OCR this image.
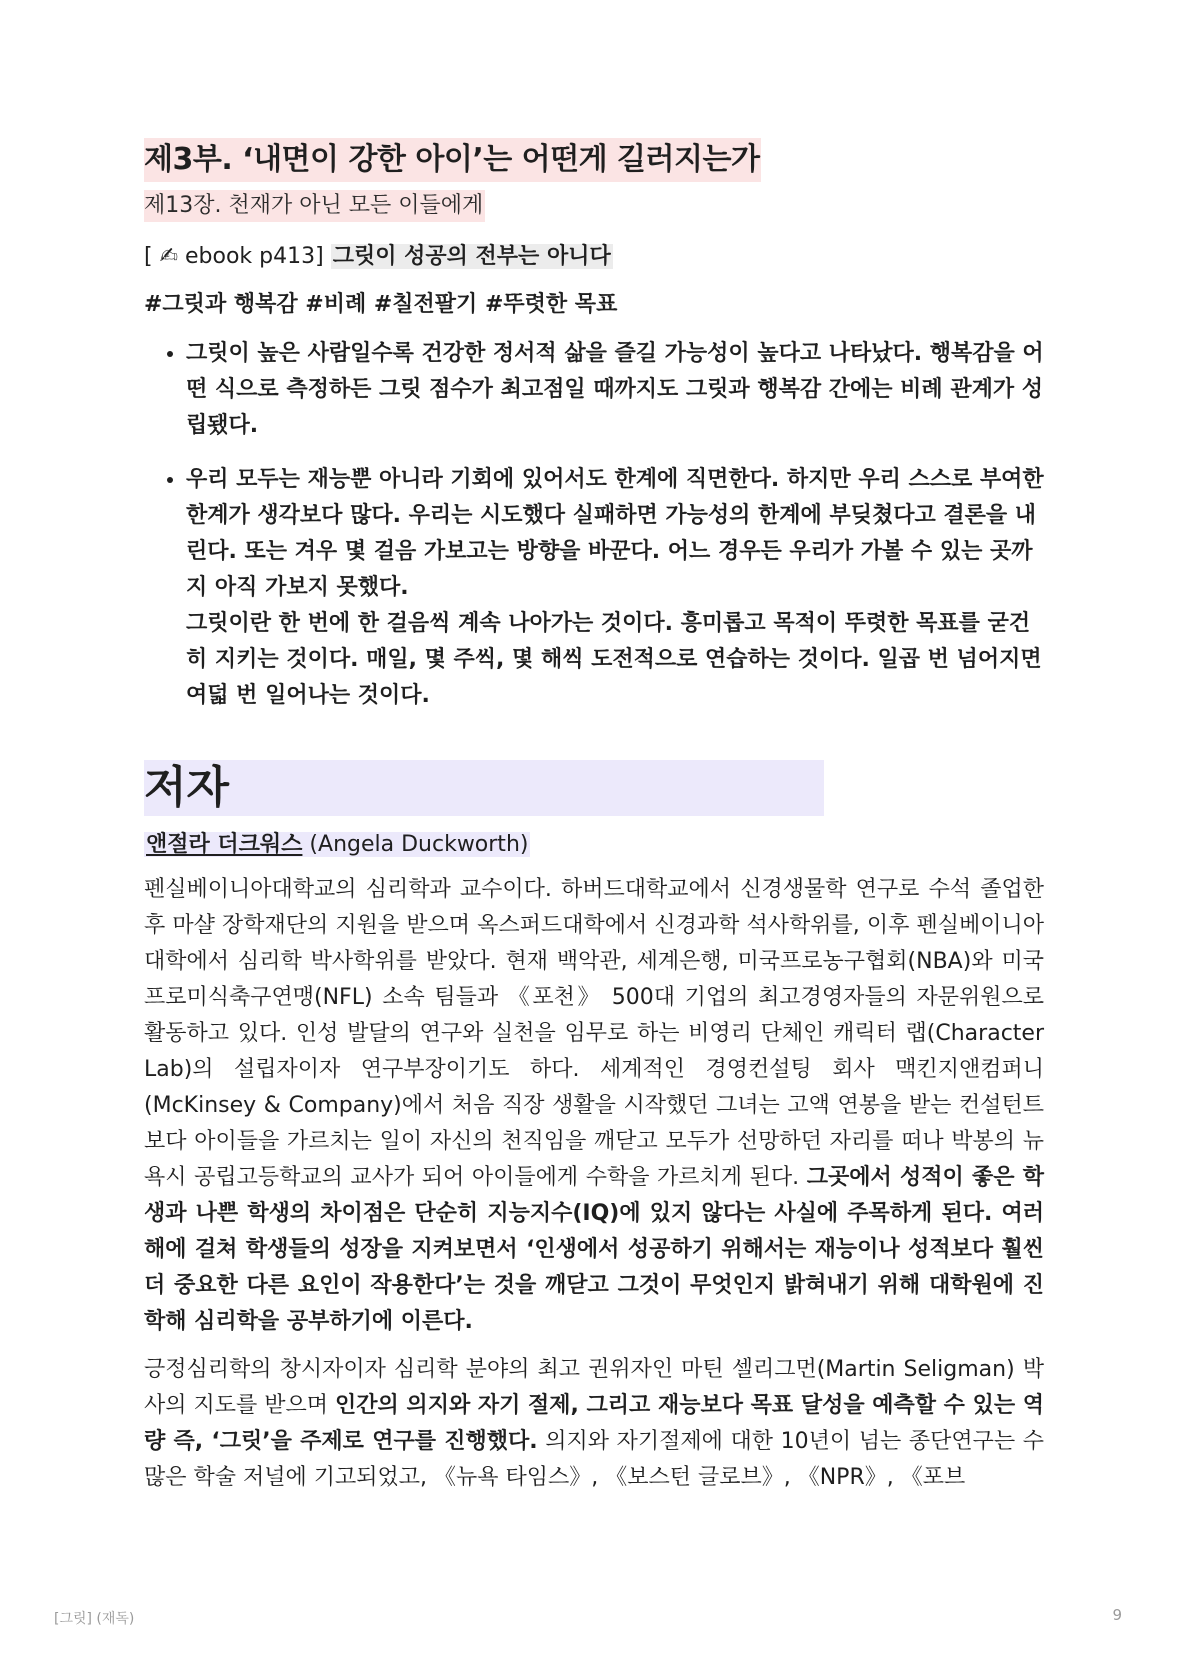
제3부. ‘내면이 강한 아이’는 어떤게 길러지는가
제13장. 천재가 아닌 모든 이들에게
[ ✍ ebook p413] 그릿이 성공의 전부는 아니다
#그릿과 행복감 #비례 #칠전팔기 #뚜렷한 목표
• 그릿이 높은 사람일수록 건강한 정서적 삶을 즐길 가능성이 높다고 나타났다. 행복감을 어떤 식으로 측정하든 그릿 점수가 최고점일 때까지도 그릿과 행복감 간에는 비례 관계가 성립됐다.
• 우리 모두는 재능뿐 아니라 기회에 있어서도 한계에 직면한다. 하지만 우리 스스로 부여한 한계가 생각보다 많다. 우리는 시도했다 실패하면 가능성의 한계에 부딪쳤다고 결론을 내린다. 또는 겨우 몇 걸음 가보고는 방향을 바꾼다. 어느 경우든 우리가 가볼 수 있는 곳까지 아직 가보지 못했다.
그릿이란 한 번에 한 걸음씩 계속 나아가는 것이다. 흥미롭고 목적이 뚜렷한 목표를 굳건히 지키는 것이다. 매일, 몇 주씩, 몇 해씩 도전적으로 연습하는 것이다. 일곱 번 넘어지면 여덟 번 일어나는 것이다.
저자
앤절라 더크워스 (Angela Duckworth)
펜실베이니아대학교의 심리학과 교수이다. 하버드대학교에서 신경생물학 연구로 수석 졸업한 후 마샬 장학재단의 지원을 받으며 옥스퍼드대학에서 신경과학 석사학위를, 이후 펜실베이니아 대학에서 심리학 박사학위를 받았다. 현재 백악관, 세계은행, 미국프로농구협회(NBA)와 미국프로미식축구연맹(NFL) 소속 팀들과 《포천》 500대 기업의 최고경영자들의 자문위원으로 활동하고 있다. 인성 발달의 연구와 실천을 임무로 하는 비영리 단체인 캐릭터 랩(Character Lab)의 설립자이자 연구부장이기도 하다. 세계적인 경영컨설팅 회사 맥킨지앤컴퍼니(McKinsey & Company)에서 처음 직장 생활을 시작했던 그녀는 고액 연봉을 받는 컨설턴트보다 아이들을 가르치는 일이 자신의 천직임을 깨닫고 모두가 선망하던 자리를 떠나 박봉의 뉴욕시 공립고등학교의 교사가 되어 아이들에게 수학을 가르치게 된다. 그곳에서 성적이 좋은 학생과 나쁜 학생의 차이점은 단순히 지능지수(IQ)에 있지 않다는 사실에 주목하게 된다. 여러 해에 걸쳐 학생들의 성장을 지켜보면서 ‘인생에서 성공하기 위해서는 재능이나 성적보다 훨씬 더 중요한 다른 요인이 작용한다’는 것을 깨닫고 그것이 무엇인지 밝혀내기 위해 대학원에 진학해 심리학을 공부하기에 이른다.
긍정심리학의 창시자이자 심리학 분야의 최고 권위자인 마틴 셀리그먼(Martin Seligman) 박사의 지도를 받으며 인간의 의지와 자기 절제, 그리고 재능보다 목표 달성을 예측할 수 있는 역량 즉, ‘그릿’을 주제로 연구를 진행했다. 의지와 자기절제에 대한 10년이 넘는 종단연구는 수많은 학술 저널에 기고되었고, 《뉴욕 타임스》, 《보스턴 글로브》, 《NPR》, 《포브
[그릿] (재독)	9
